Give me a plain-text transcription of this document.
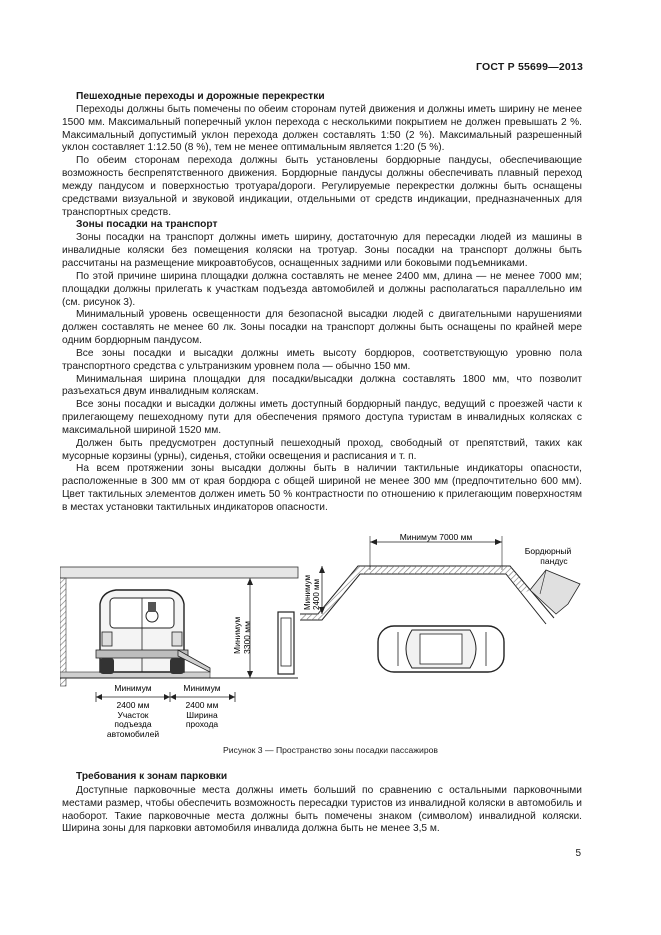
ГОСТ Р 55699—2013
Пешеходные переходы и дорожные перекрестки

Переходы должны быть помечены по обеим сторонам путей движения и должны иметь ширину не менее 1500 мм. Максимальный поперечный уклон перехода с несколькими покрытием не должен превышать 2 %. Максимальный допустимый уклон перехода должен составлять 1:50 (2 %). Максимальный разрешенный уклон составляет 1:12.50 (8 %), тем не менее оптимальным является 1:20 (5 %).

По обеим сторонам перехода должны быть установлены бордюрные пандусы, обеспечивающие возможность беспрепятственного движения. Бордюрные пандусы должны обеспечивать плавный переход между пандусом и поверхностью тротуара/дороги. Регулируемые перекрестки должны быть оснащены средствами визуальной и звуковой индикации, отдельными от средств индикации, предназначенных для транспортных средств.

Зоны посадки на транспорт

Зоны посадки на транспорт должны иметь ширину, достаточную для пересадки людей из машины в инвалидные коляски без помещения коляски на тротуар. Зоны посадки на транспорт должны быть рассчитаны на размещение микроавтобусов, оснащенных задними или боковыми подъемниками.

По этой причине ширина площадки должна составлять не менее 2400 мм, длина — не менее 7000 мм; площадки должны прилегать к участкам подъезда автомобилей и должны располагаться параллельно им (см. рисунок 3).

Минимальный уровень освещенности для безопасной высадки людей с двигательными нарушениями должен составлять не менее 60 лк. Зоны посадки на транспорт должны быть оснащены по крайней мере одним бордюрным пандусом.

Все зоны посадки и высадки должны иметь высоту бордюров, соответствующую уровню пола транспортного средства с ультранизким уровнем пола — обычно 150 мм.

Минимальная ширина площадки для посадки/высадки должна составлять 1800 мм, что позволит разъехаться двум инвалидным коляскам.

Все зоны посадки и высадки должны иметь доступный бордюрный пандус, ведущий с проезжей части к прилегающему пешеходному пути для обеспечения прямого доступа туристам в инвалидных колясках с максимальной шириной 1520 мм.

Должен быть предусмотрен доступный пешеходный проход, свободный от препятствий, таких как мусорные корзины (урны), сиденья, стойки освещения и расписания и т. п.

На всем протяжении зоны высадки должны быть в наличии тактильные индикаторы опасности, расположенные в 300 мм от края бордюра с общей шириной не менее 300 мм (предпочтительно 600 мм). Цвет тактильных элементов должен иметь 50 % контрастности по отношению к прилегающим поверхностям в местах установки тактильных индикаторов опасности.

Минимум 3300 мм
Минимум
2400 мм
Участок
подъезда
автомобилей
Минимум
2400 мм
Ширина
прохода
Минимум 7000 мм
Бордюрный
пандус
Минимум 2400 мм
Рисунок 3 — Пространство зоны посадки пассажиров
Требования к зонам парковки

Доступные парковочные места должны иметь больший по сравнению с остальными парковочными местами размер, чтобы обеспечить возможность пересадки туристов из инвалидной коляски в автомобиль и наоборот. Такие парковочные места должны быть помечены знаком (символом) инвалидной коляски. Ширина зоны для парковки автомобиля инвалида должна быть не менее 3,5 м.

5
